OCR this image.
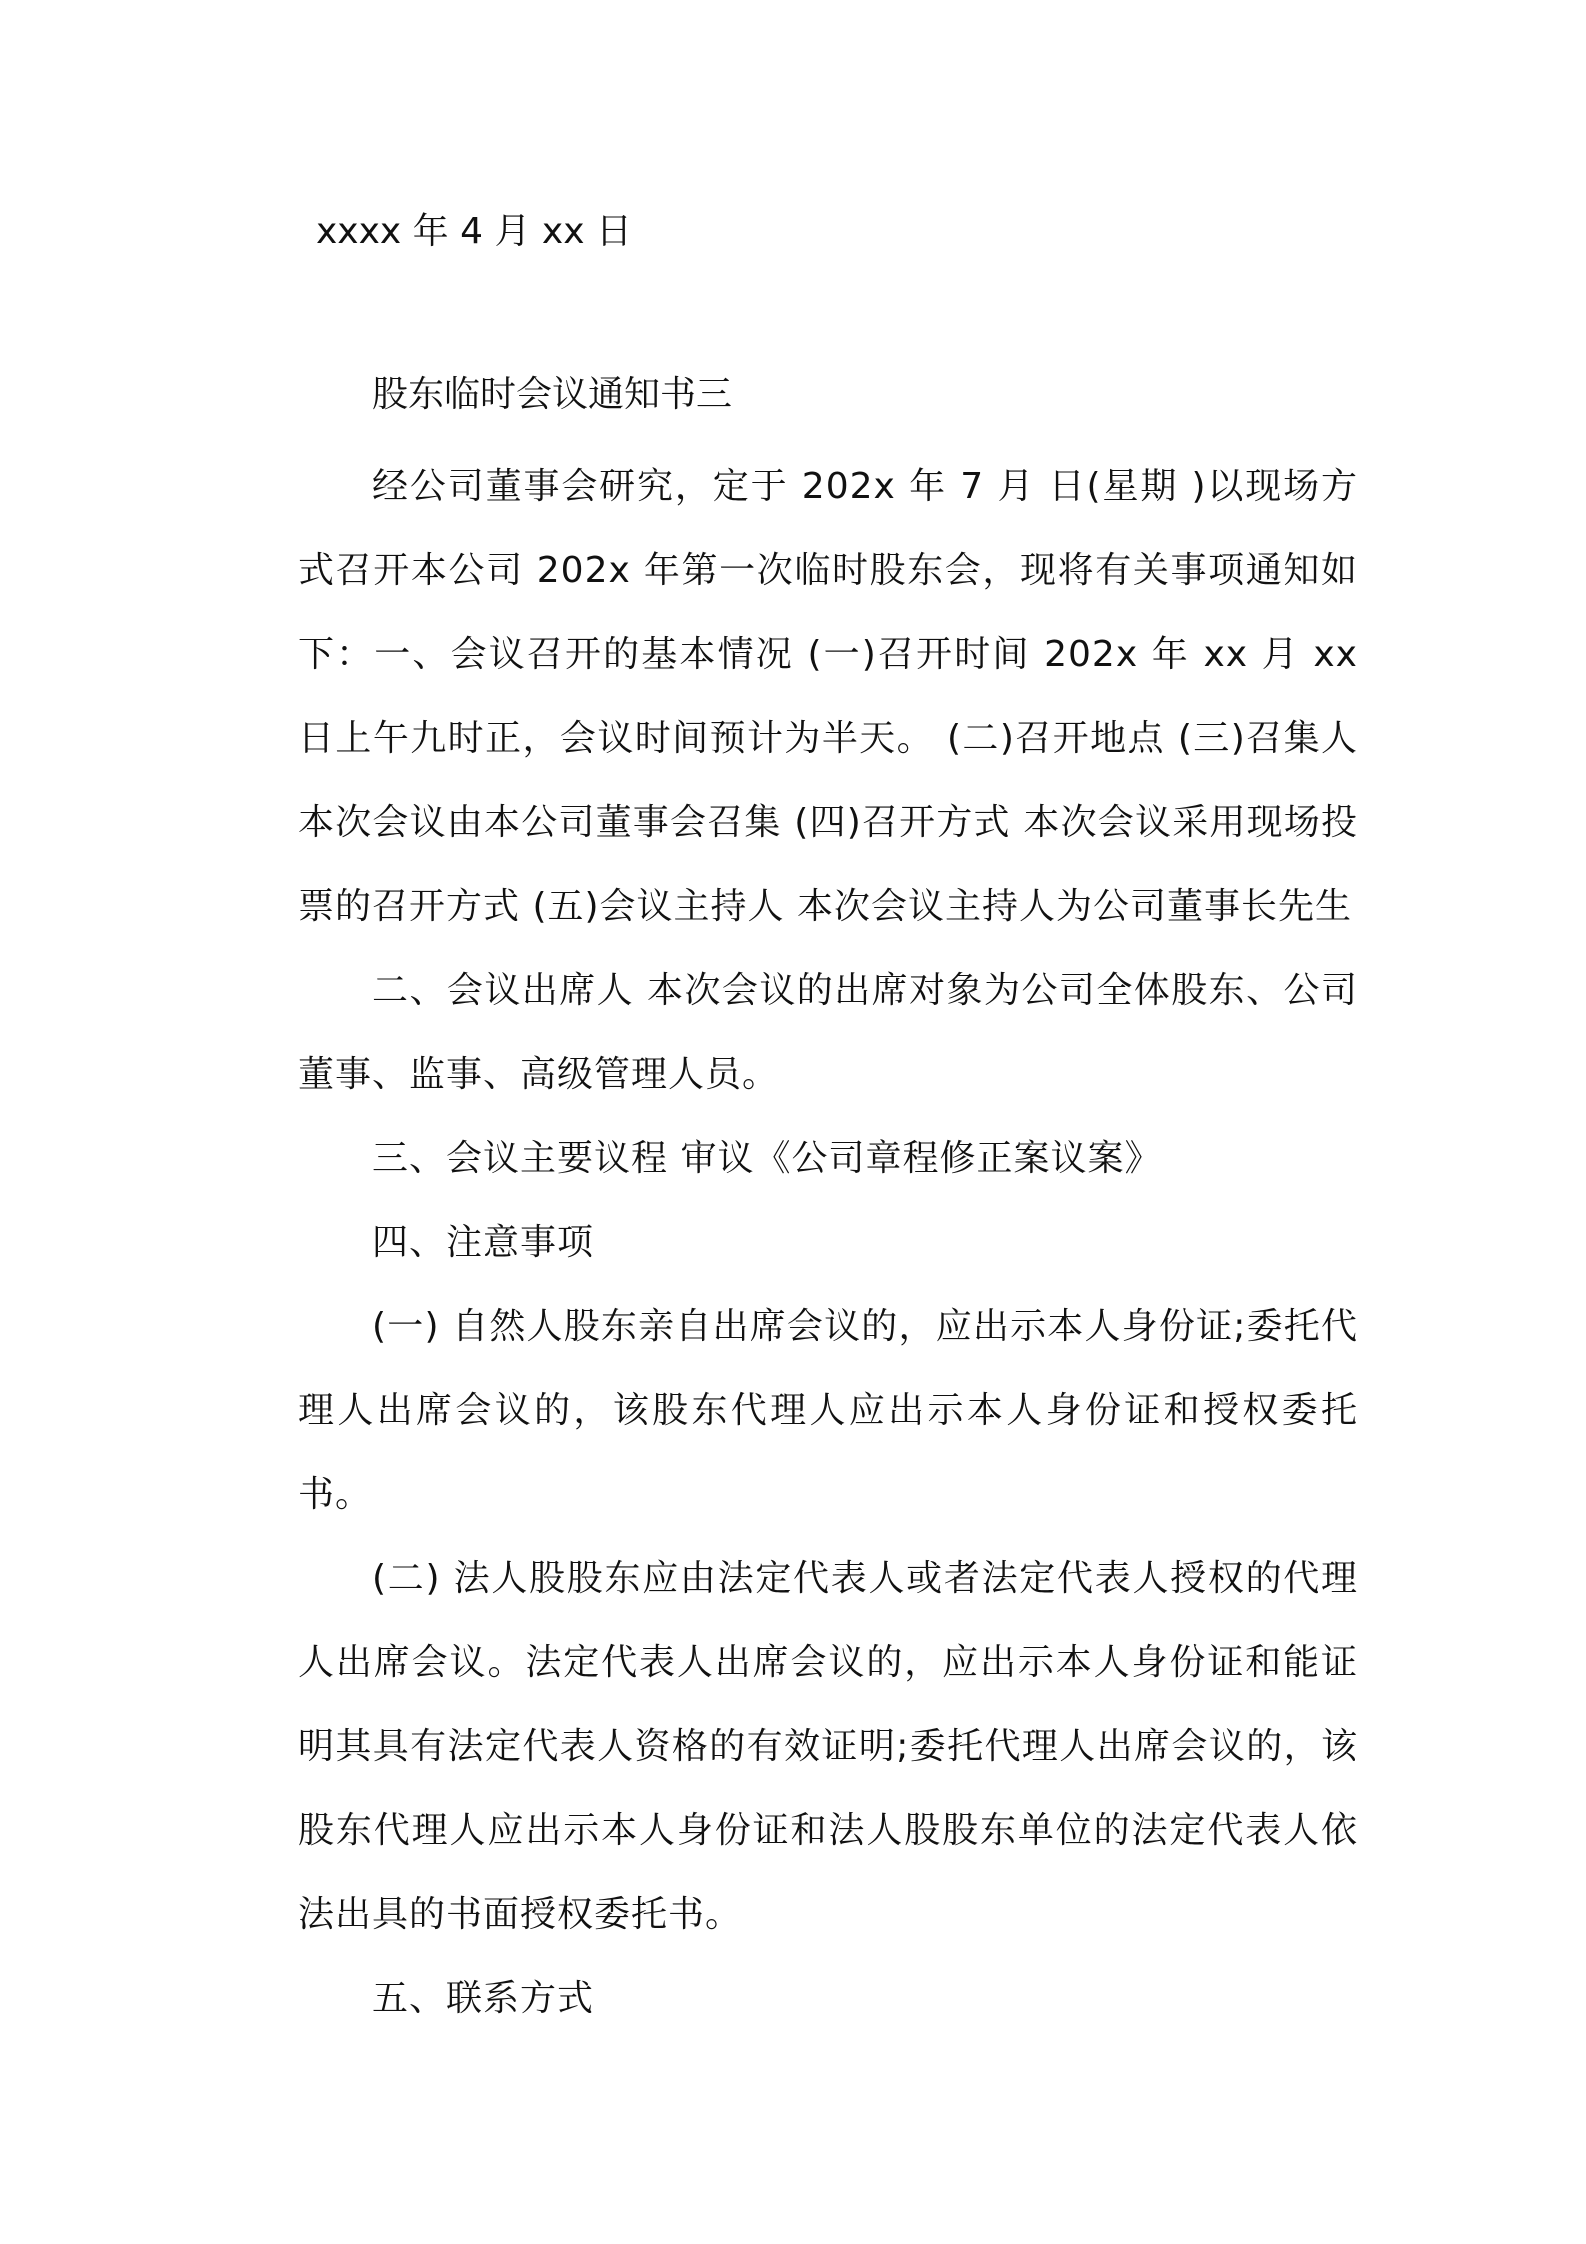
xxxx 年 4 月 xx 日
股东临时会议通知书三

经公司董事会研究，定于 202x 年 7 月 日(星期 )以现场方式召开本公司 202x 年第一次临时股东会，现将有关事项通知如下：一、会议召开的基本情况 (一)召开时间 202x 年 xx 月 xx 日上午九时正，会议时间预计为半天。 (二)召开地点 (三)召集人 本次会议由本公司董事会召集 (四)召开方式 本次会议采用现场投票的召开方式 (五)会议主持人 本次会议主持人为公司董事长先生

二、会议出席人 本次会议的出席对象为公司全体股东、公司董事、监事、高级管理人员。

三、会议主要议程 审议《公司章程修正案议案》

四、注意事项

(一) 自然人股东亲自出席会议的，应出示本人身份证;委托代理人出席会议的，该股东代理人应出示本人身份证和授权委托书。

(二) 法人股股东应由法定代表人或者法定代表人授权的代理人出席会议。法定代表人出席会议的，应出示本人身份证和能证明其具有法定代表人资格的有效证明;委托代理人出席会议的，该股东代理人应出示本人身份证和法人股股东单位的法定代表人依法出具的书面授权委托书。

五、联系方式
